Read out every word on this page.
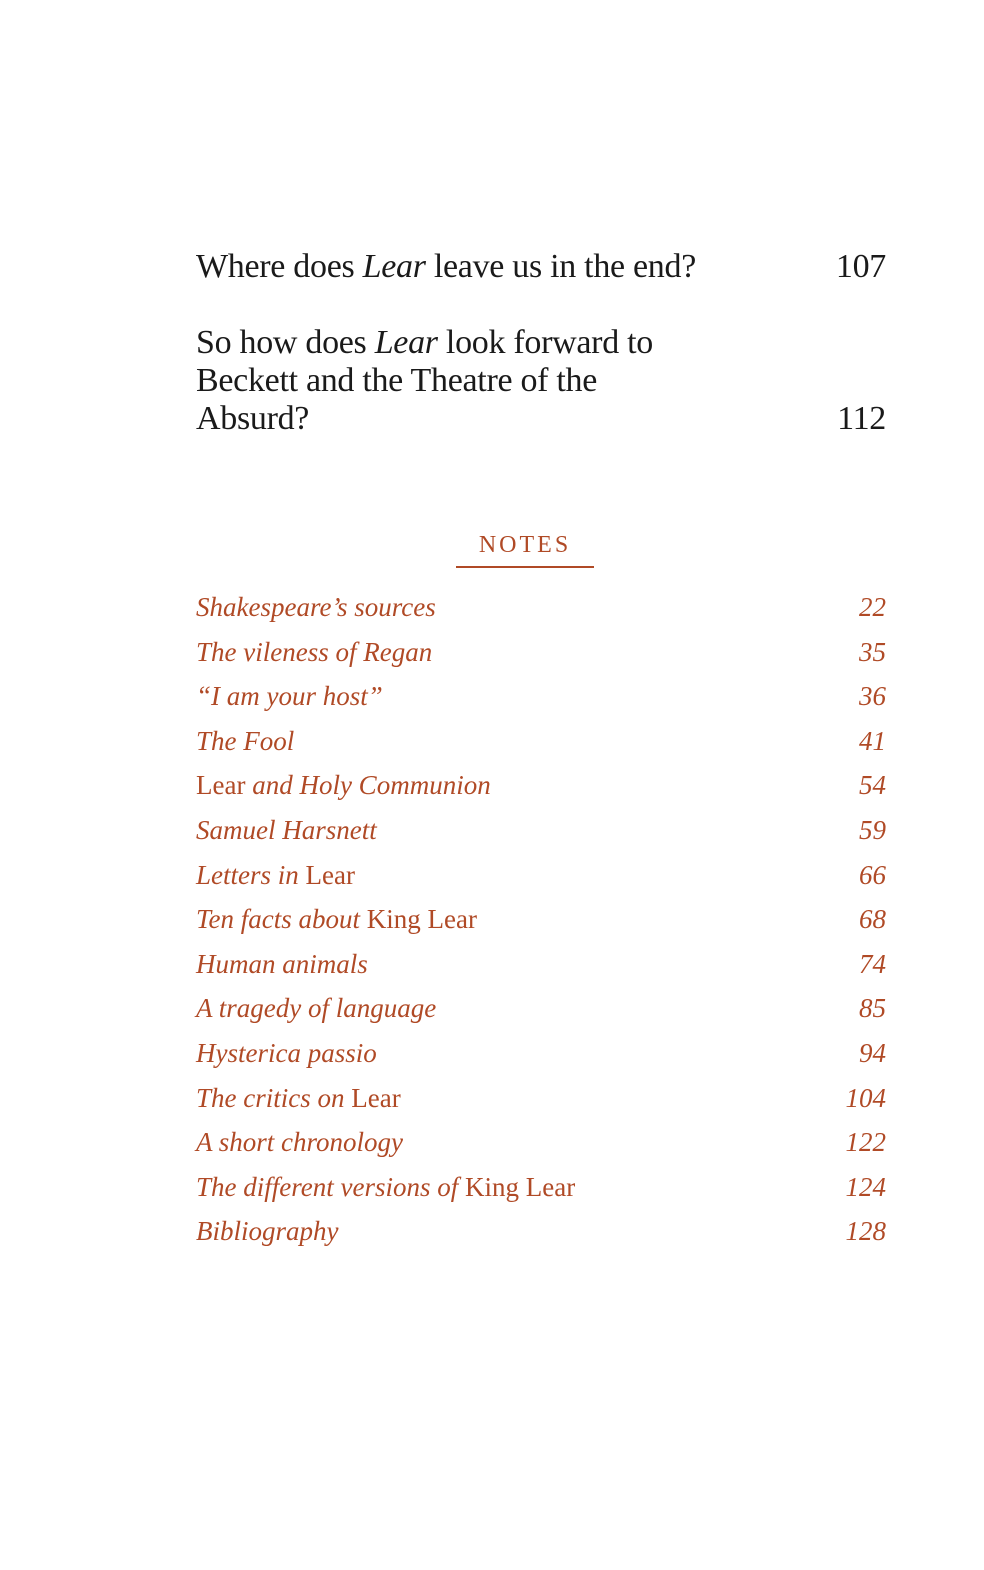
Where does Lear leave us in the end?	107
So how does Lear look forward to
Beckett and the Theatre of the
Absurd?	112
NOTES
Shakespeare’s sources	22
The vileness of Regan	35
“I am your host”	36
The Fool	41
Lear and Holy Communion	54
Samuel Harsnett	59
Letters in Lear	66
Ten facts about King Lear	68
Human animals	74
A tragedy of language	85
Hysterica passio	94
The critics on Lear	104
A short chronology	122
The different versions of King Lear	124
Bibliography	128
